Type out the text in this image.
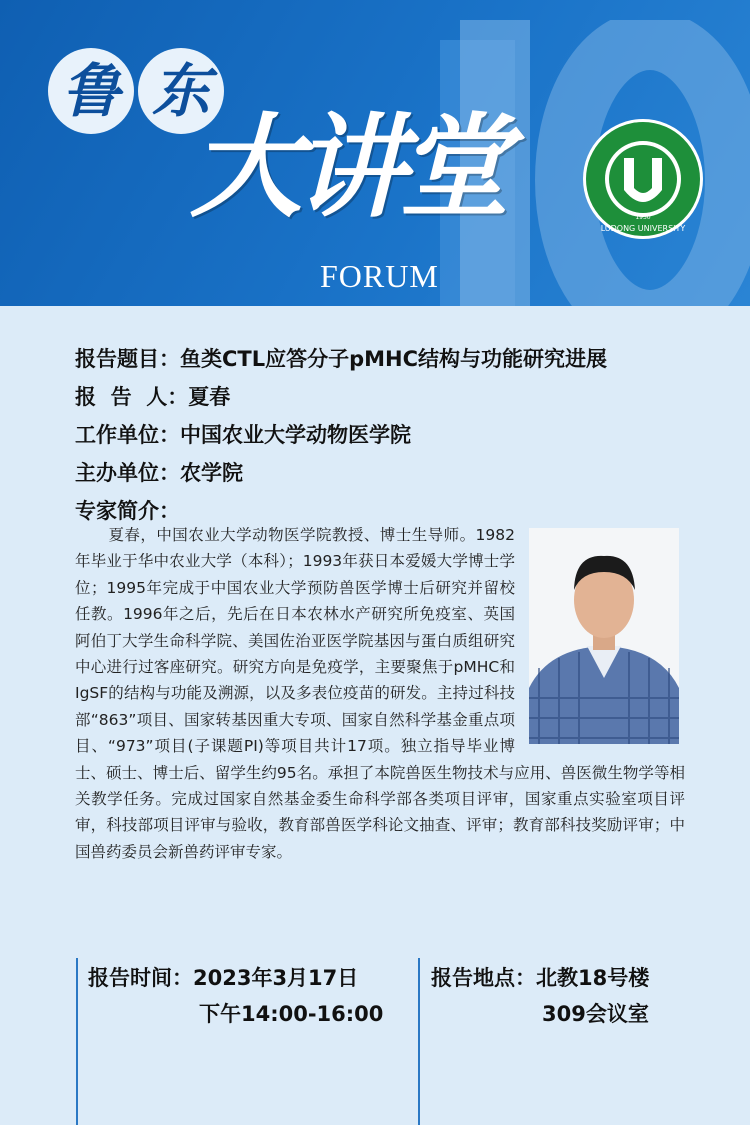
鲁 东
大讲堂
FORUM
LUDONG UNIVERSITY
1930
报告题目：鱼类CTL应答分子pMHC结构与功能研究进展
报  告  人：夏春
工作单位：中国农业大学动物医学院
主办单位：农学院
专家简介：
夏春，中国农业大学动物医学院教授、博士生导师。1982年毕业于华中农业大学（本科）；1993年获日本爱媛大学博士学位；1995年完成于中国农业大学预防兽医学博士后研究并留校任教。1996年之后，先后在日本农林水产研究所免疫室、英国阿伯丁大学生命科学院、美国佐治亚医学院基因与蛋白质组研究中心进行过客座研究。研究方向是免疫学，主要聚焦于pMHC和IgSF的结构与功能及溯源，以及多表位疫苗的研发。主持过科技部“863”项目、国家转基因重大专项、国家自然科学基金重点项目、“973”项目(子课题PI)等项目共计17项。独立指导毕业博士、硕士、博士后、留学生约95名。承担了本院兽医生物技术与应用、兽医微生物学等相关教学任务。完成过国家自然基金委生命科学部各类项目评审，国家重点实验室项目评审，科技部项目评审与验收，教育部兽医学科论文抽查、评审；教育部科技奖励评审；中国兽药委员会新兽药评审专家。
报告时间：2023年3月17日
下午14:00-16:00
报告地点：北教18号楼
309会议室
